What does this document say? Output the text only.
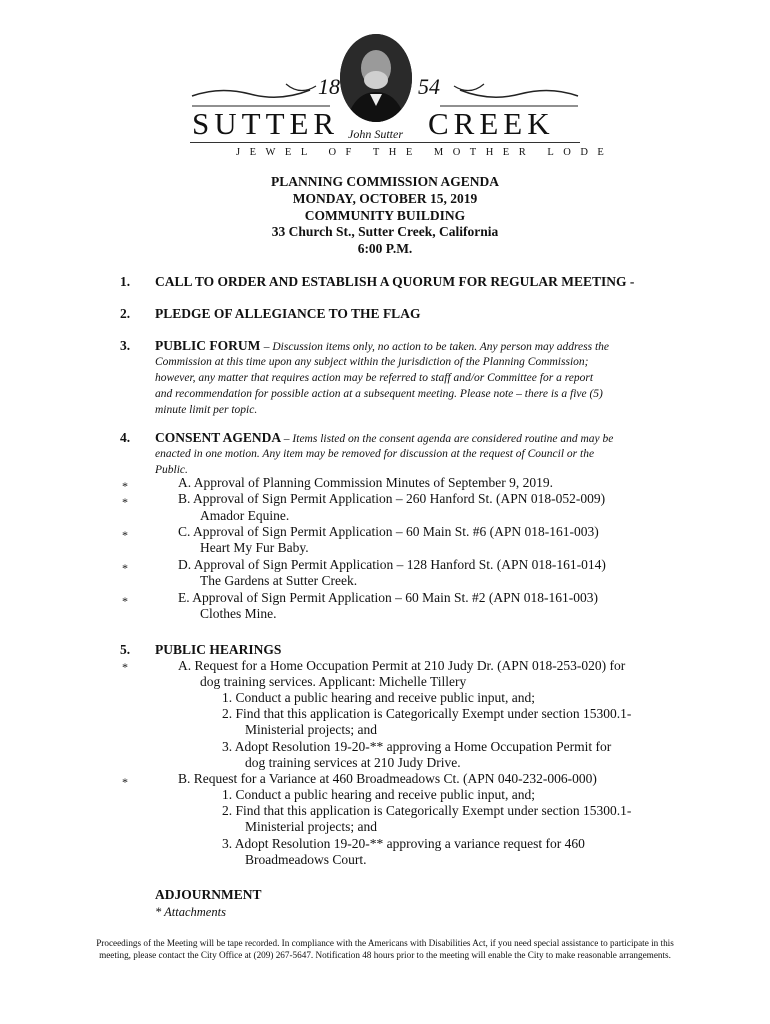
18	54
SUTTER	CREEK
John Sutter
JEWEL OF THE MOTHER LODE
PLANNING COMMISSION AGENDA
MONDAY, OCTOBER 15, 2019
COMMUNITY BUILDING
33 Church St., Sutter Creek, California
6:00 P.M.
1. CALL TO ORDER AND ESTABLISH A QUORUM FOR REGULAR MEETING -
2. PLEDGE OF ALLEGIANCE TO THE FLAG
3. PUBLIC FORUM – Discussion items only, no action to be taken. Any person may address the
Commission at this time upon any subject within the jurisdiction of the Planning Commission;
however, any matter that requires action may be referred to staff and/or Committee for a report
and recommendation for possible action at a subsequent meeting. Please note – there is a five (5)
minute limit per topic.
4. CONSENT AGENDA – Items listed on the consent agenda are considered routine and may be
enacted in one motion. Any item may be removed for discussion at the request of Council or the
Public.
*
*
*
*
*
A. Approval of Planning Commission Minutes of September 9, 2019.
B. Approval of Sign Permit Application – 260 Hanford St. (APN 018-052-009)
Amador Equine.
C. Approval of Sign Permit Application – 60 Main St. #6 (APN 018-161-003)
Heart My Fur Baby.
D. Approval of Sign Permit Application – 128 Hanford St. (APN 018-161-014)
The Gardens at Sutter Creek.
E. Approval of Sign Permit Application – 60 Main St. #2 (APN 018-161-003)
Clothes Mine.
5. PUBLIC HEARINGS
*
*
A. Request for a Home Occupation Permit at 210 Judy Dr. (APN 018-253-020) for
dog training services. Applicant: Michelle Tillery
1. Conduct a public hearing and receive public input, and;
2. Find that this application is Categorically Exempt under section 15300.1-
Ministerial projects; and
3. Adopt Resolution 19-20-** approving a Home Occupation Permit for
dog training services at 210 Judy Drive.
B. Request for a Variance at 460 Broadmeadows Ct. (APN 040-232-006-000)
1. Conduct a public hearing and receive public input, and;
2. Find that this application is Categorically Exempt under section 15300.1-
Ministerial projects; and
3. Adopt Resolution 19-20-** approving a variance request for 460
Broadmeadows Court.
ADJOURNMENT
* Attachments
Proceedings of the Meeting will be tape recorded. In compliance with the Americans with Disabilities Act, if you need special assistance to participate in this
meeting, please contact the City Office at (209) 267-5647. Notification 48 hours prior to the meeting will enable the City to make reasonable arrangements.
